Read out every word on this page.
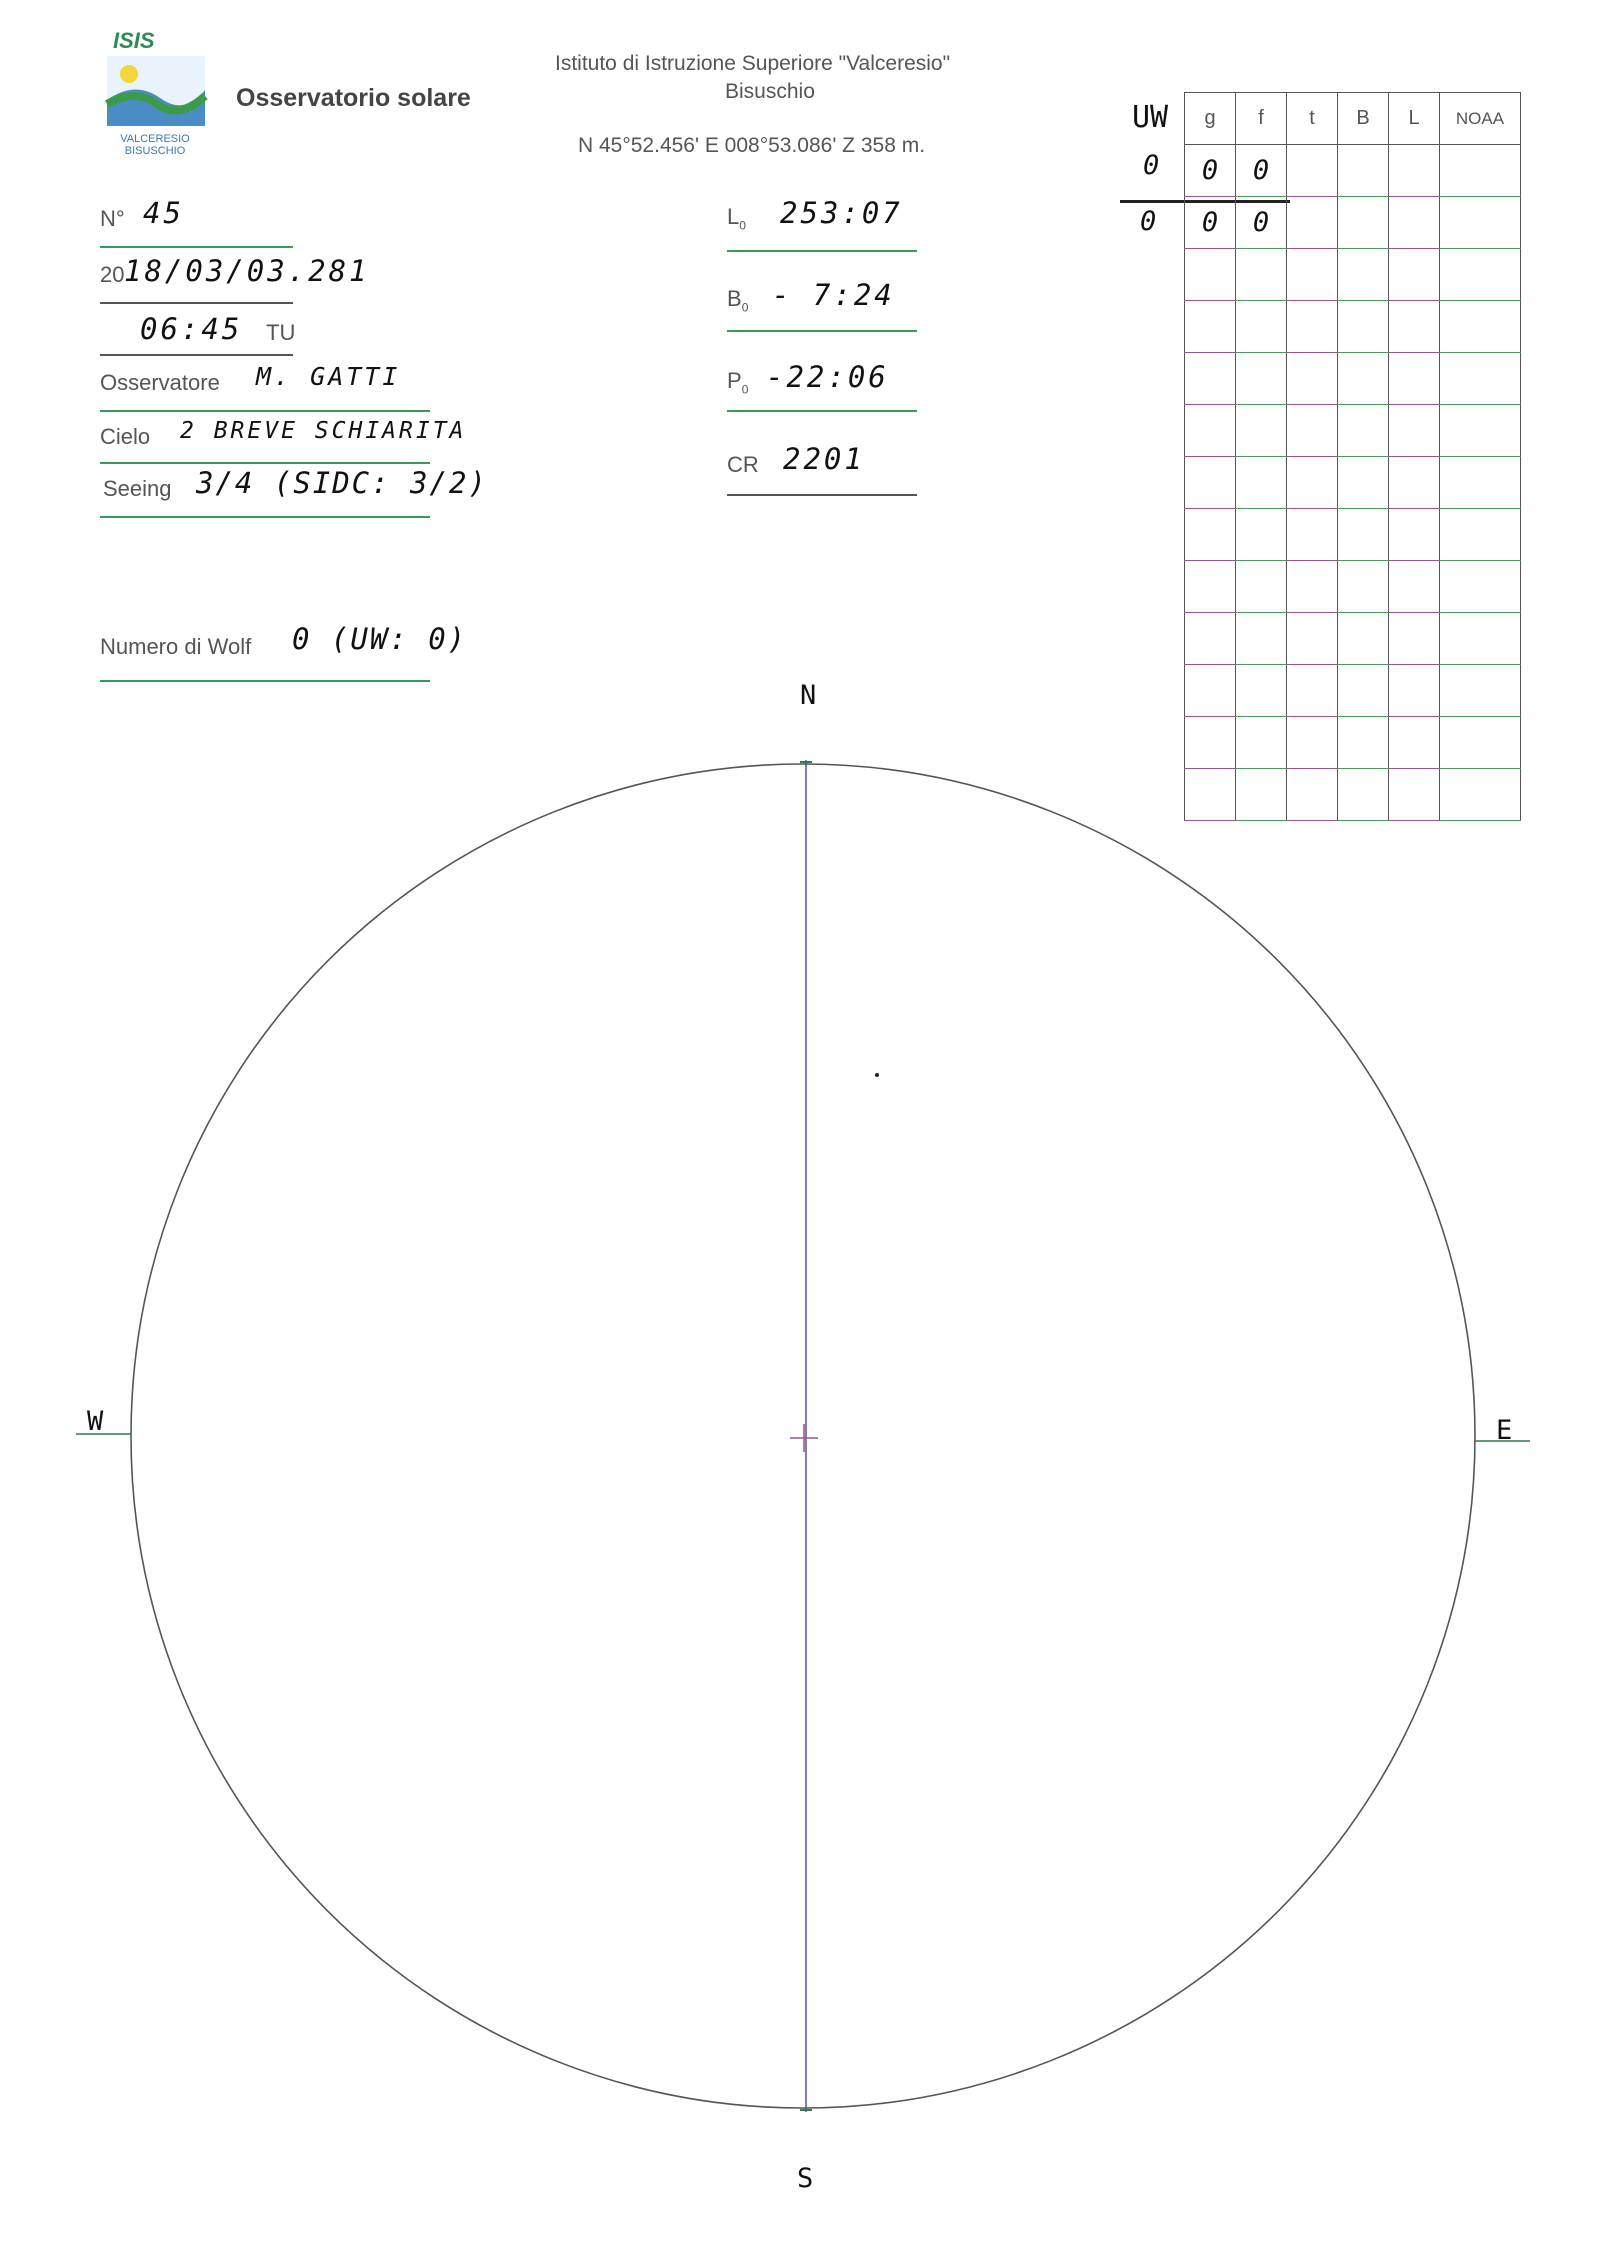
ISIS
VALCERESIO
BISUSCHIO
Osservatorio solare
Istituto di Istruzione Superiore "Valceresio"
Bisuschio
N 45°52.456' E 008°53.086' Z 358 m.
N° 45
20 18/03/03.281
06:45 TU
Osservatore M. GATTI
Cielo 2 BREVE SCHIARITA
Seeing 3/4 (SIDC: 3/2)
Numero di Wolf 0 (UW: 0)
$L_0$ 253:07
$B_0$ - 7:24
$P_0$ -22:06
CR 2201
UW
0
0
g	f	t	B	L	NOAA
0	0				
0	0				

N
S
E
W
